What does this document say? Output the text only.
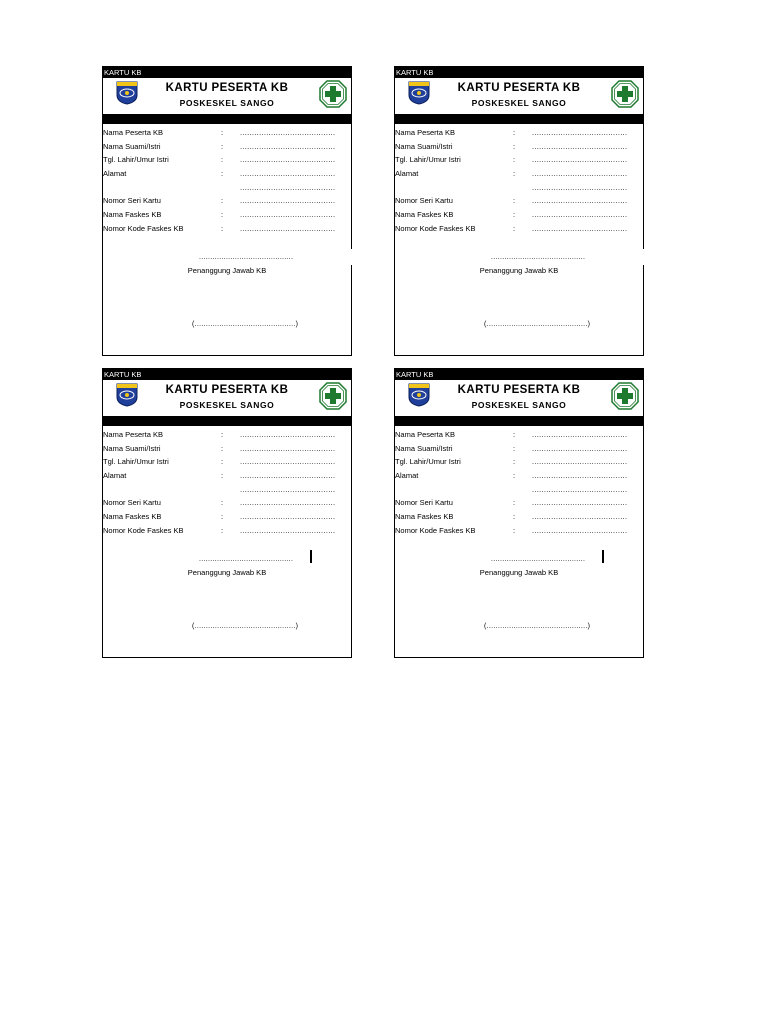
KARTU KB
KARTU PESERTA KB
POSKESKEL SANGO
Nama Peserta KB	: ........................................
Nama Suami/Istri	: ........................................
Tgl. Lahir/Umur Istri	: ........................................
Alamat	: ........................................
........................................
Nomor Seri Kartu	: ........................................
Nama Faskes KB	: ........................................
Nomor Kode Faskes KB	: ........................................
..........................................
Penanggung Jawab KB
(.............................................)
KARTU KB
KARTU PESERTA KB
POSKESKEL SANGO
Nama Peserta KB	: ........................................
Nama Suami/Istri	: ........................................
Tgl. Lahir/Umur Istri	: ........................................
Alamat	: ........................................
........................................
Nomor Seri Kartu	: ........................................
Nama Faskes KB	: ........................................
Nomor Kode Faskes KB	: ........................................
..........................................
Penanggung Jawab KB
(.............................................)
KARTU KB
KARTU PESERTA KB
POSKESKEL SANGO
Nama Peserta KB	: ........................................
Nama Suami/Istri	: ........................................
Tgl. Lahir/Umur Istri	: ........................................
Alamat	: ........................................
........................................
Nomor Seri Kartu	: ........................................
Nama Faskes KB	: ........................................
Nomor Kode Faskes KB	: ........................................
..........................................
Penanggung Jawab KB
(.............................................)
KARTU KB
KARTU PESERTA KB
POSKESKEL SANGO
Nama Peserta KB	: ........................................
Nama Suami/Istri	: ........................................
Tgl. Lahir/Umur Istri	: ........................................
Alamat	: ........................................
........................................
Nomor Seri Kartu	: ........................................
Nama Faskes KB	: ........................................
Nomor Kode Faskes KB	: ........................................
..........................................
Penanggung Jawab KB
(.............................................)
